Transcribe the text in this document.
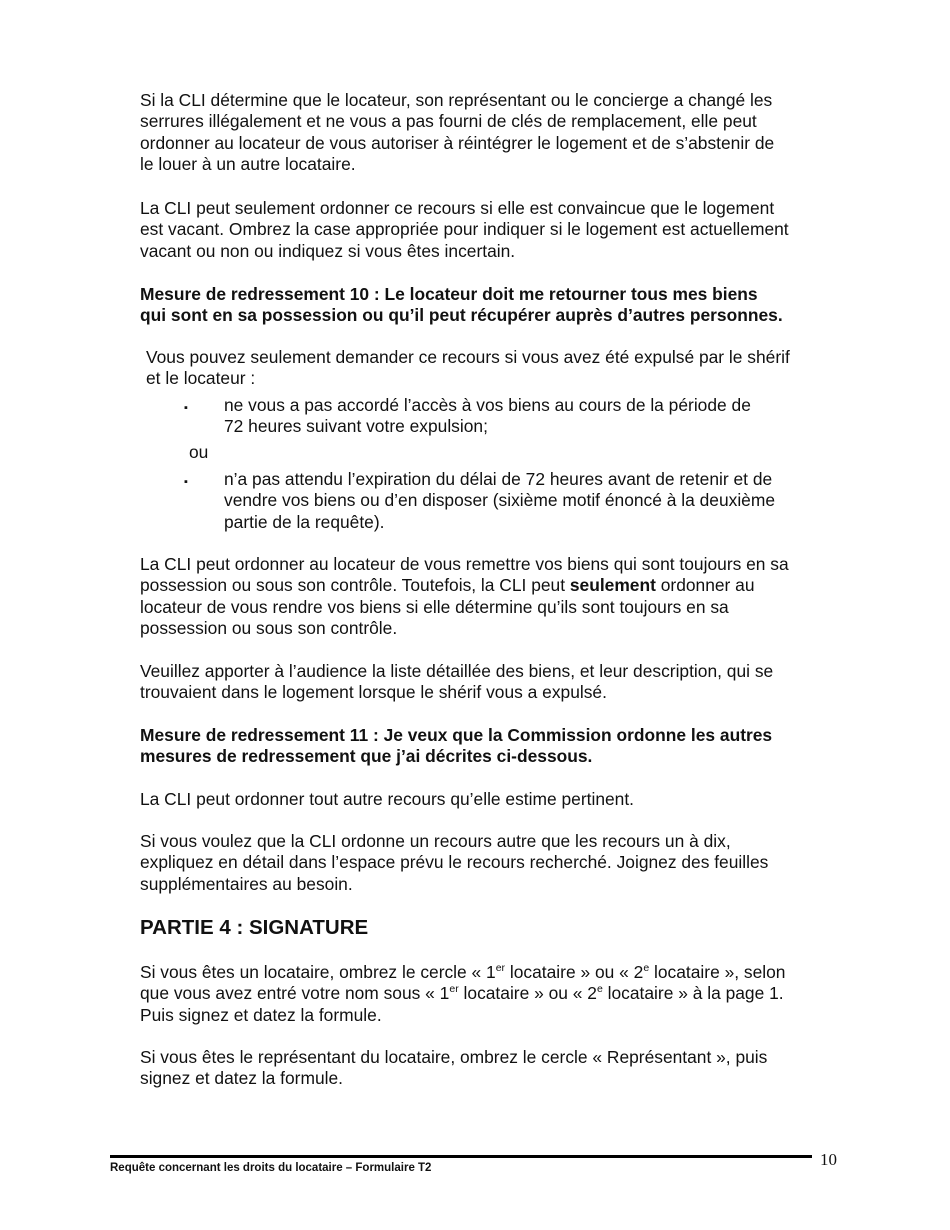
Si la CLI détermine que le locateur, son représentant ou le concierge a changé les
serrures illégalement et ne vous a pas fourni de clés de remplacement, elle peut
ordonner au locateur de vous autoriser à réintégrer le logement et de s’abstenir de
le louer à un autre locataire.
La CLI peut seulement ordonner ce recours si elle est convaincue que le logement
est vacant. Ombrez la case appropriée pour indiquer si le logement est actuellement
vacant ou non ou indiquez si vous êtes incertain.
Mesure de redressement 10 : Le locateur doit me retourner tous mes biens
qui sont en sa possession ou qu’il peut récupérer auprès d’autres personnes.
Vous pouvez seulement demander ce recours si vous avez été expulsé par le shérif
et le locateur :
▪ ne vous a pas accordé l’accès à vos biens au cours de la période de
72 heures suivant votre expulsion;
ou
▪ n’a pas attendu l’expiration du délai de 72 heures avant de retenir et de
vendre vos biens ou d’en disposer (sixième motif énoncé à la deuxième
partie de la requête).
La CLI peut ordonner au locateur de vous remettre vos biens qui sont toujours en sa
possession ou sous son contrôle. Toutefois, la CLI peut seulement ordonner au
locateur de vous rendre vos biens si elle détermine qu’ils sont toujours en sa
possession ou sous son contrôle.
Veuillez apporter à l’audience la liste détaillée des biens, et leur description, qui se
trouvaient dans le logement lorsque le shérif vous a expulsé.
Mesure de redressement 11 : Je veux que la Commission ordonne les autres
mesures de redressement que j’ai décrites ci-dessous.
La CLI peut ordonner tout autre recours qu’elle estime pertinent.
Si vous voulez que la CLI ordonne un recours autre que les recours un à dix,
expliquez en détail dans l’espace prévu le recours recherché. Joignez des feuilles
supplémentaires au besoin.
PARTIE 4 : SIGNATURE
Si vous êtes un locataire, ombrez le cercle « 1er locataire » ou « 2e locataire », selon
que vous avez entré votre nom sous « 1er locataire » ou « 2e locataire » à la page 1.
Puis signez et datez la formule.
Si vous êtes le représentant du locataire, ombrez le cercle « Représentant », puis
signez et datez la formule.
Requête concernant les droits du locataire – Formulaire T2	10
